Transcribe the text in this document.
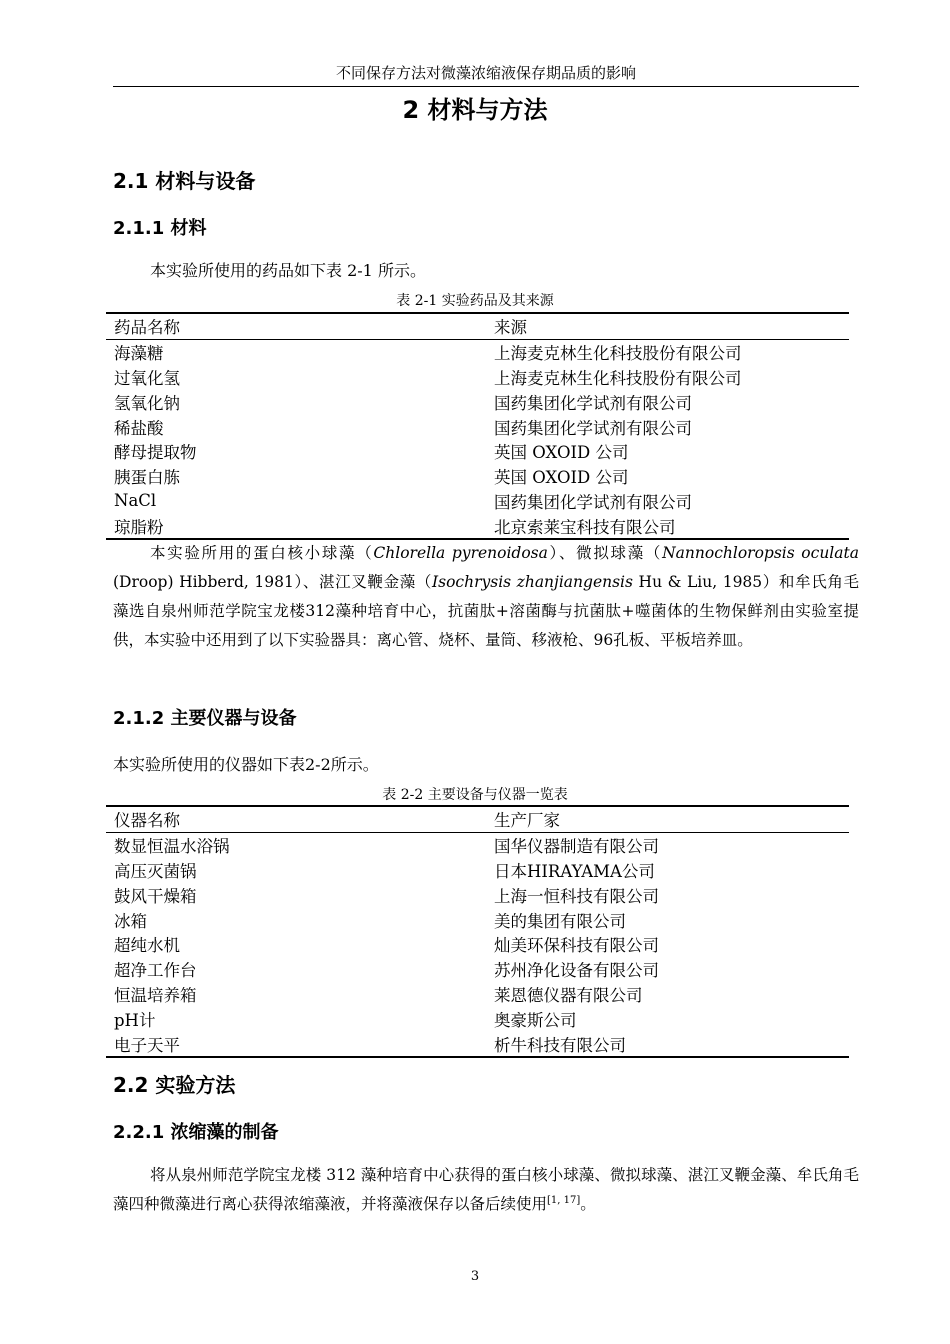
不同保存方法对微藻浓缩液保存期品质的影响
2 材料与方法
2.1 材料与设备
2.1.1 材料
本实验所使用的药品如下表 2-1 所示。
表 2-1 实验药品及其来源
药品名称	来源
海藻糖	上海麦克林生化科技股份有限公司
过氧化氢	上海麦克林生化科技股份有限公司
氢氧化钠	国药集团化学试剂有限公司
稀盐酸	国药集团化学试剂有限公司
酵母提取物	英国 OXOID 公司
胰蛋白胨	英国 OXOID 公司
NaCl	国药集团化学试剂有限公司
琼脂粉	北京索莱宝科技有限公司
本实验所用的蛋白核小球藻（Chlorella pyrenoidosa）、微拟球藻（Nannochloropsis oculata (Droop) Hibberd, 1981）、湛江叉鞭金藻（Isochrysis zhanjiangensis Hu & Liu, 1985）和牟氏角毛藻选自泉州师范学院宝龙楼312藻种培育中心，抗菌肽+溶菌酶与抗菌肽+噬菌体的生物保鲜剂由实验室提供，本实验中还用到了以下实验器具：离心管、烧杯、量筒、移液枪、96孔板、平板培养皿。
2.1.2 主要仪器与设备
本实验所使用的仪器如下表2-2所示。
表 2-2 主要设备与仪器一览表
仪器名称	生产厂家
数显恒温水浴锅	国华仪器制造有限公司
高压灭菌锅	日本HIRAYAMA公司
鼓风干燥箱	上海一恒科技有限公司
冰箱	美的集团有限公司
超纯水机	灿美环保科技有限公司
超净工作台	苏州净化设备有限公司
恒温培养箱	莱恩德仪器有限公司
pH计	奥豪斯公司
电子天平	析牛科技有限公司
2.2 实验方法
2.2.1 浓缩藻的制备
将从泉州师范学院宝龙楼 312 藻种培育中心获得的蛋白核小球藻、微拟球藻、湛江叉鞭金藻、牟氏角毛藻四种微藻进行离心获得浓缩藻液，并将藻液保存以备后续使用[1, 17]。
3
